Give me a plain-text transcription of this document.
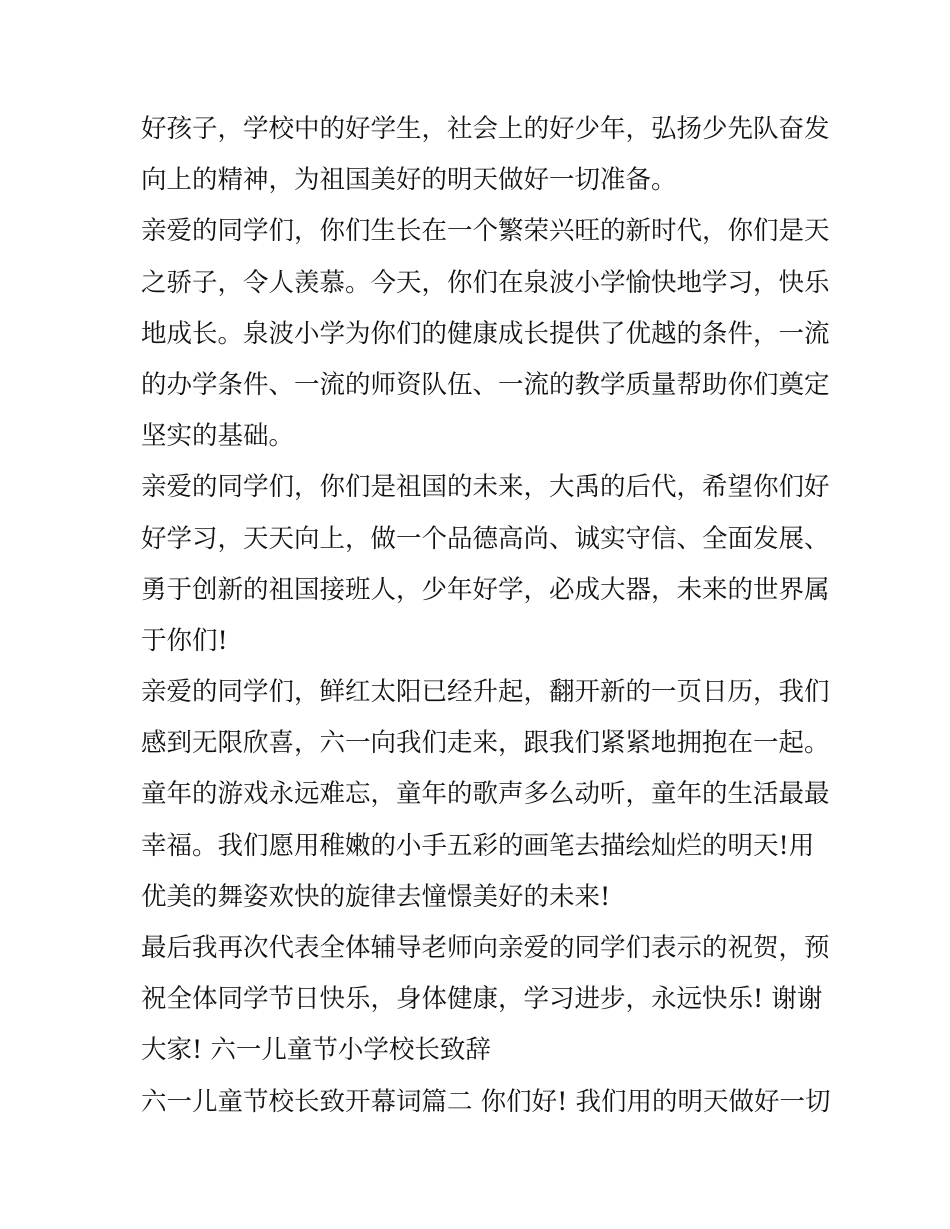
好孩子，学校中的好学生，社会上的好少年，弘扬少先队奋发
向上的精神，为祖国美好的明天做好一切准备。
亲爱的同学们，你们生长在一个繁荣兴旺的新时代，你们是天
之骄子，令人羡慕。今天，你们在泉波小学愉快地学习，快乐
地成长。泉波小学为你们的健康成长提供了优越的条件，一流
的办学条件、一流的师资队伍、一流的教学质量帮助你们奠定
坚实的基础。
亲爱的同学们，你们是祖国的未来，大禹的后代，希望你们好
好学习，天天向上，做一个品德高尚、诚实守信、全面发展、
勇于创新的祖国接班人，少年好学，必成大器，未来的世界属
于你们!
亲爱的同学们，鲜红太阳已经升起，翻开新的一页日历，我们
感到无限欣喜，六一向我们走来，跟我们紧紧地拥抱在一起。
童年的游戏永远难忘，童年的歌声多么动听，童年的生活最最
幸福。我们愿用稚嫩的小手五彩的画笔去描绘灿烂的明天!用
优美的舞姿欢快的旋律去憧憬美好的未来!
最后我再次代表全体辅导老师向亲爱的同学们表示的祝贺，预
祝全体同学节日快乐，身体健康，学习进步，永远快乐! 谢谢
大家! 六一儿童节小学校长致辞
六一儿童节校长致开幕词篇二 你们好! 我们用的明天做好一切
